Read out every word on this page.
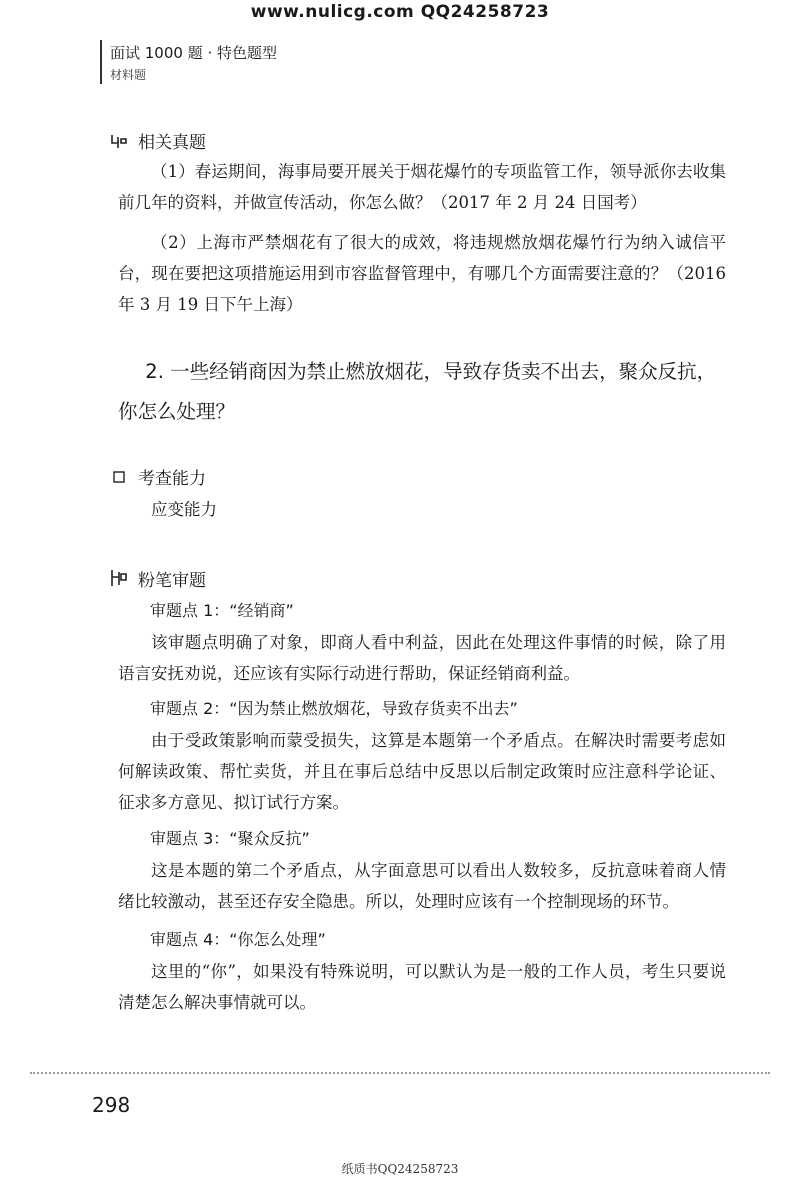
www.nulicg.com QQ24258723
面试 1000 题 · 特色题型
材料题
相关真题
（1）春运期间，海事局要开展关于烟花爆竹的专项监管工作，领导派你去收集前几年的资料，并做宣传活动，你怎么做？（2017 年 2 月 24 日国考）
（2）上海市严禁烟花有了很大的成效，将违规燃放烟花爆竹行为纳入诚信平台，现在要把这项措施运用到市容监督管理中，有哪几个方面需要注意的？（2016 年 3 月 19 日下午上海）
2. 一些经销商因为禁止燃放烟花，导致存货卖不出去，聚众反抗，你怎么处理？
考查能力
应变能力
粉笔审题
审题点 1：“经销商”
该审题点明确了对象，即商人看中利益，因此在处理这件事情的时候，除了用语言安抚劝说，还应该有实际行动进行帮助，保证经销商利益。
审题点 2：“因为禁止燃放烟花，导致存货卖不出去”
由于受政策影响而蒙受损失，这算是本题第一个矛盾点。在解决时需要考虑如何解读政策、帮忙卖货，并且在事后总结中反思以后制定政策时应注意科学论证、征求多方意见、拟订试行方案。
审题点 3：“聚众反抗”
这是本题的第二个矛盾点，从字面意思可以看出人数较多，反抗意味着商人情绪比较激动，甚至还存安全隐患。所以，处理时应该有一个控制现场的环节。
审题点 4：“你怎么处理”
这里的“你”，如果没有特殊说明，可以默认为是一般的工作人员，考生只要说清楚怎么解决事情就可以。
298
纸质书QQ24258723
